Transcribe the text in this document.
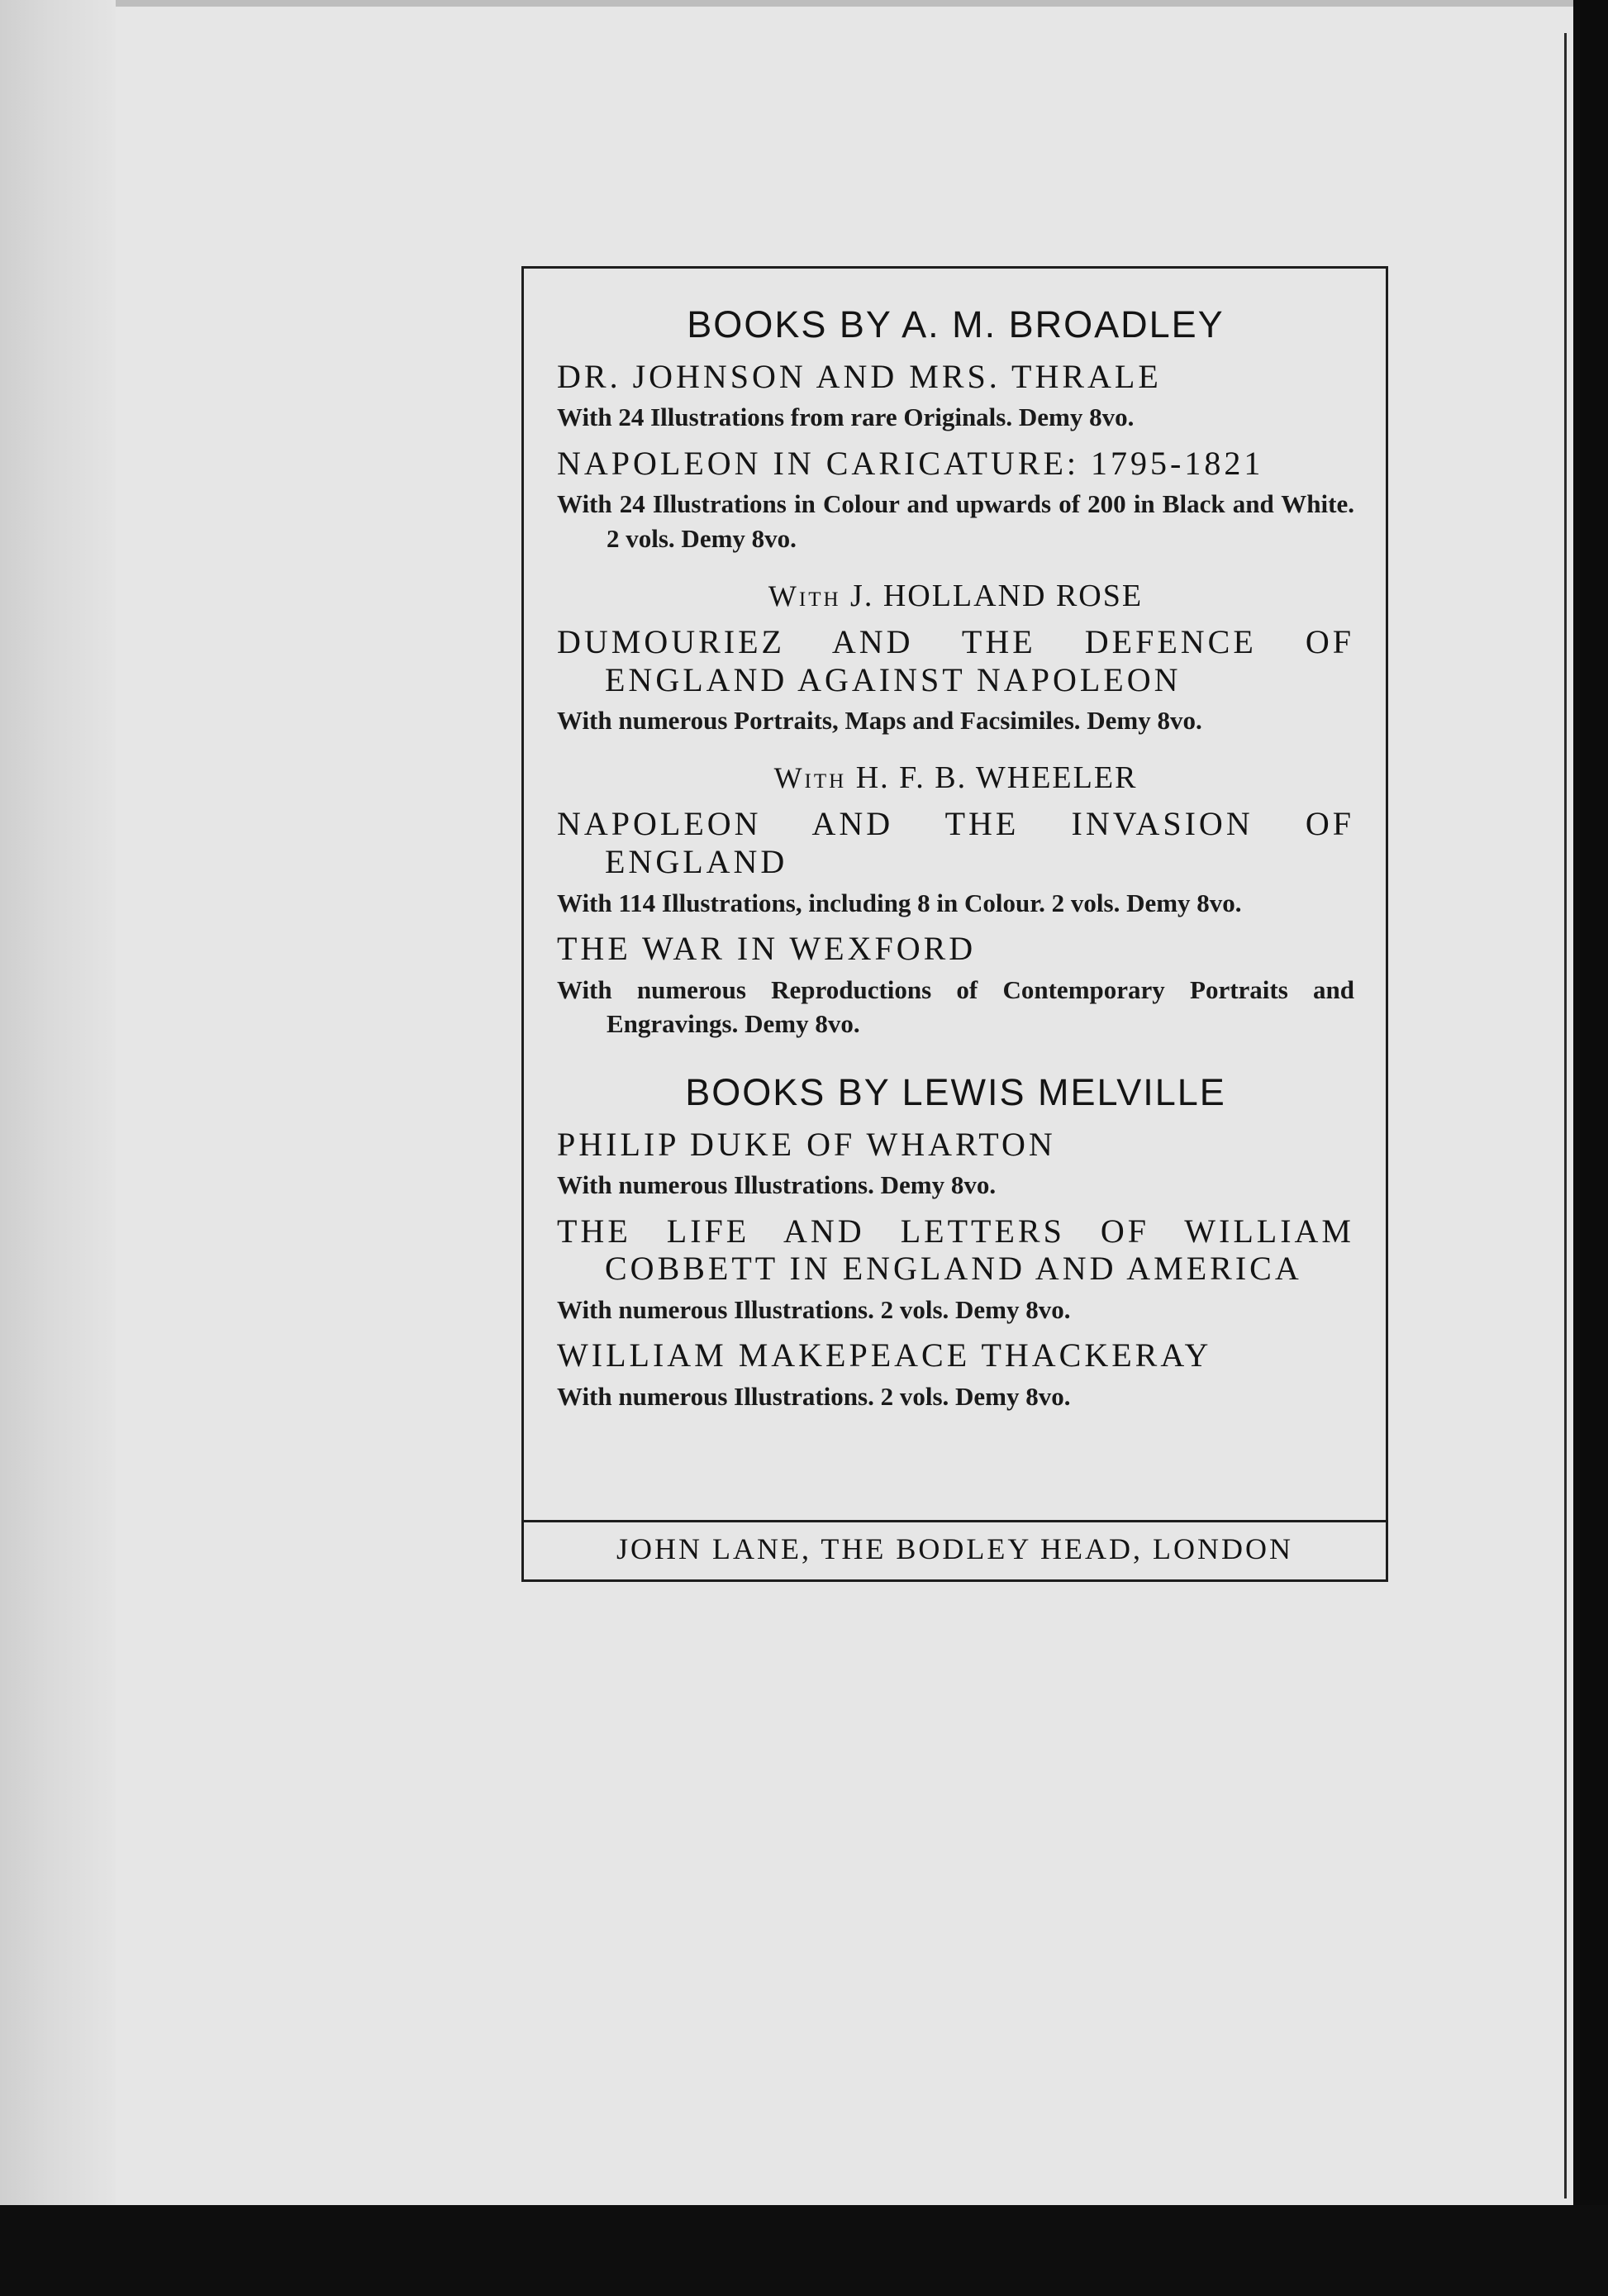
BOOKS BY A. M. BROADLEY
DR. JOHNSON AND MRS. THRALE
With 24 Illustrations from rare Originals. Demy 8vo.
NAPOLEON IN CARICATURE: 1795-1821
With 24 Illustrations in Colour and upwards of 200 in Black and White. 2 vols. Demy 8vo.
With J. HOLLAND ROSE
DUMOURIEZ AND THE DEFENCE OF ENGLAND AGAINST NAPOLEON
With numerous Portraits, Maps and Facsimiles. Demy 8vo.
With H. F. B. WHEELER
NAPOLEON AND THE INVASION OF ENGLAND
With 114 Illustrations, including 8 in Colour. 2 vols. Demy 8vo.
THE WAR IN WEXFORD
With numerous Reproductions of Contemporary Portraits and Engravings. Demy 8vo.
BOOKS BY LEWIS MELVILLE
PHILIP DUKE OF WHARTON
With numerous Illustrations. Demy 8vo.
THE LIFE AND LETTERS OF WILLIAM COBBETT IN ENGLAND AND AMERICA
With numerous Illustrations. 2 vols. Demy 8vo.
WILLIAM MAKEPEACE THACKERAY
With numerous Illustrations. 2 vols. Demy 8vo.
JOHN LANE, THE BODLEY HEAD, LONDON
